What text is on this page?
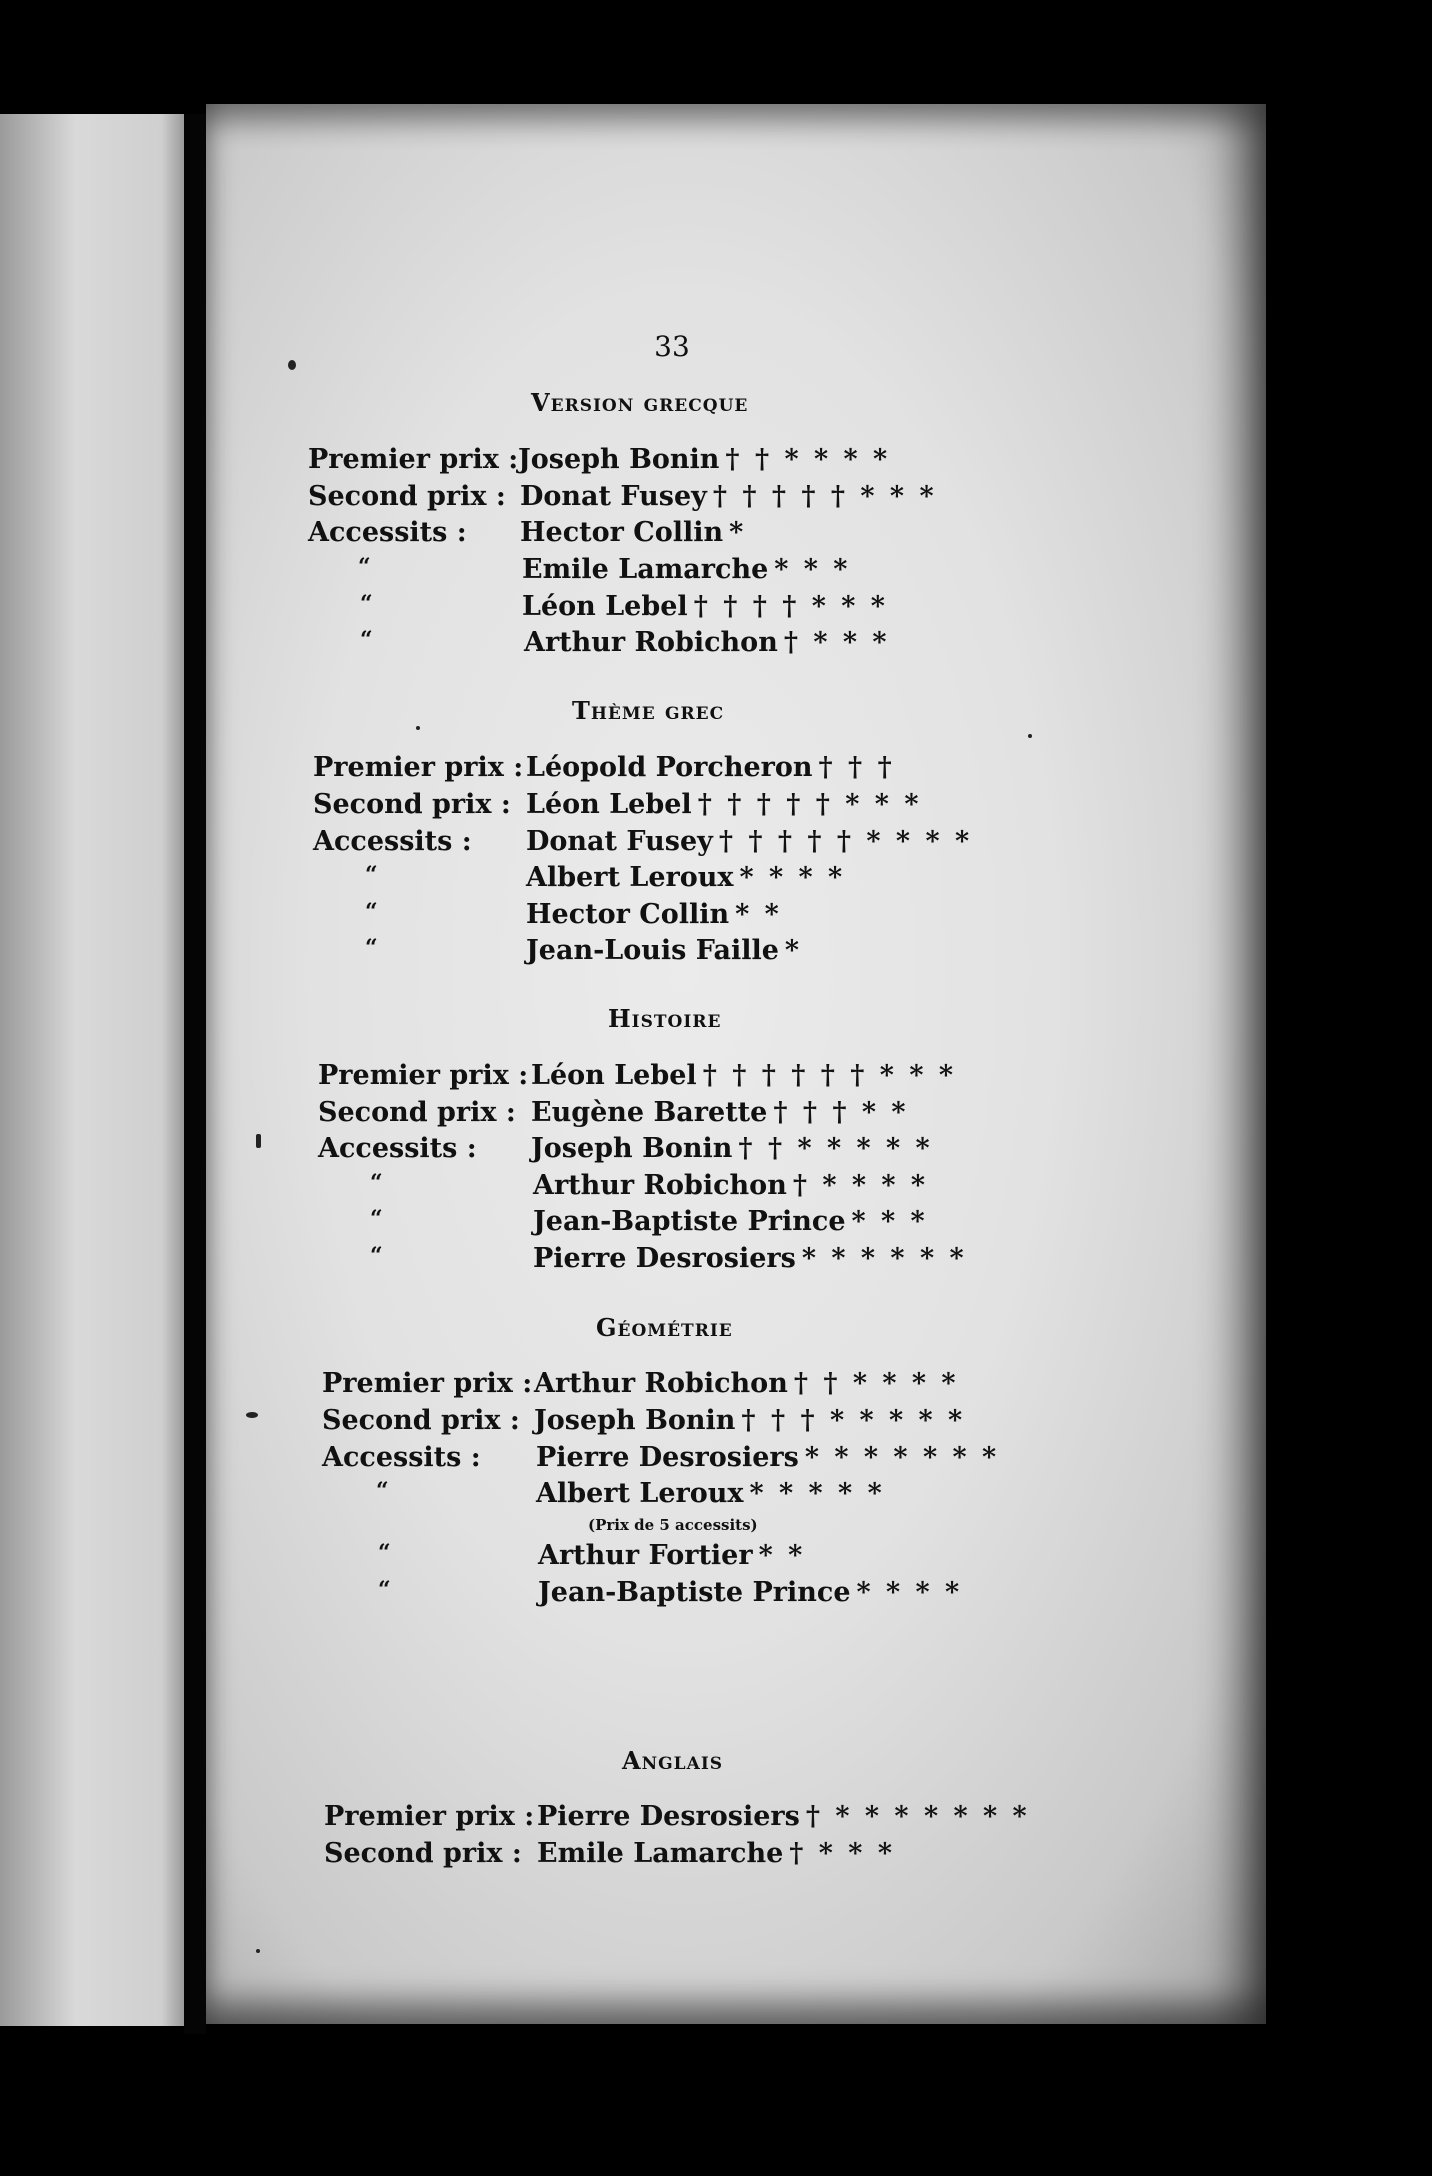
33
Version grecque
Premier prix : Joseph Bonin † † * * * *
Second prix : Donat Fusey † † † † † * * *
Accessits : Hector Collin *
“	Emile Lamarche * * *
“	Léon Lebel † † † † * * *
“	Arthur Robichon † * * *
Thème grec
Premier prix : Léopold Porcheron † † †
Second prix : Léon Lebel † † † † † * * *
Accessits : Donat Fusey † † † † † * * * *
“	Albert Leroux * * * *
“	Hector Collin * *
“	Jean-Louis Faille *
Histoire
Premier prix : Léon Lebel † † † † † † * * *
Second prix : Eugène Barette † † † * *
Accessits : Joseph Bonin † † * * * * *
“	Arthur Robichon † * * * *
“	Jean-Baptiste Prince * * *
“	Pierre Desrosiers * * * * * *
Géométrie
Premier prix : Arthur Robichon † † * * * *
Second prix : Joseph Bonin † † † * * * * *
Accessits : Pierre Desrosiers * * * * * * *
“	Albert Leroux * * * * *
(Prix de 5 accessits)
“	Arthur Fortier * *
“	Jean-Baptiste Prince * * * *
Anglais
Premier prix : Pierre Desrosiers † * * * * * * *
Second prix : Emile Lamarche † * * *
